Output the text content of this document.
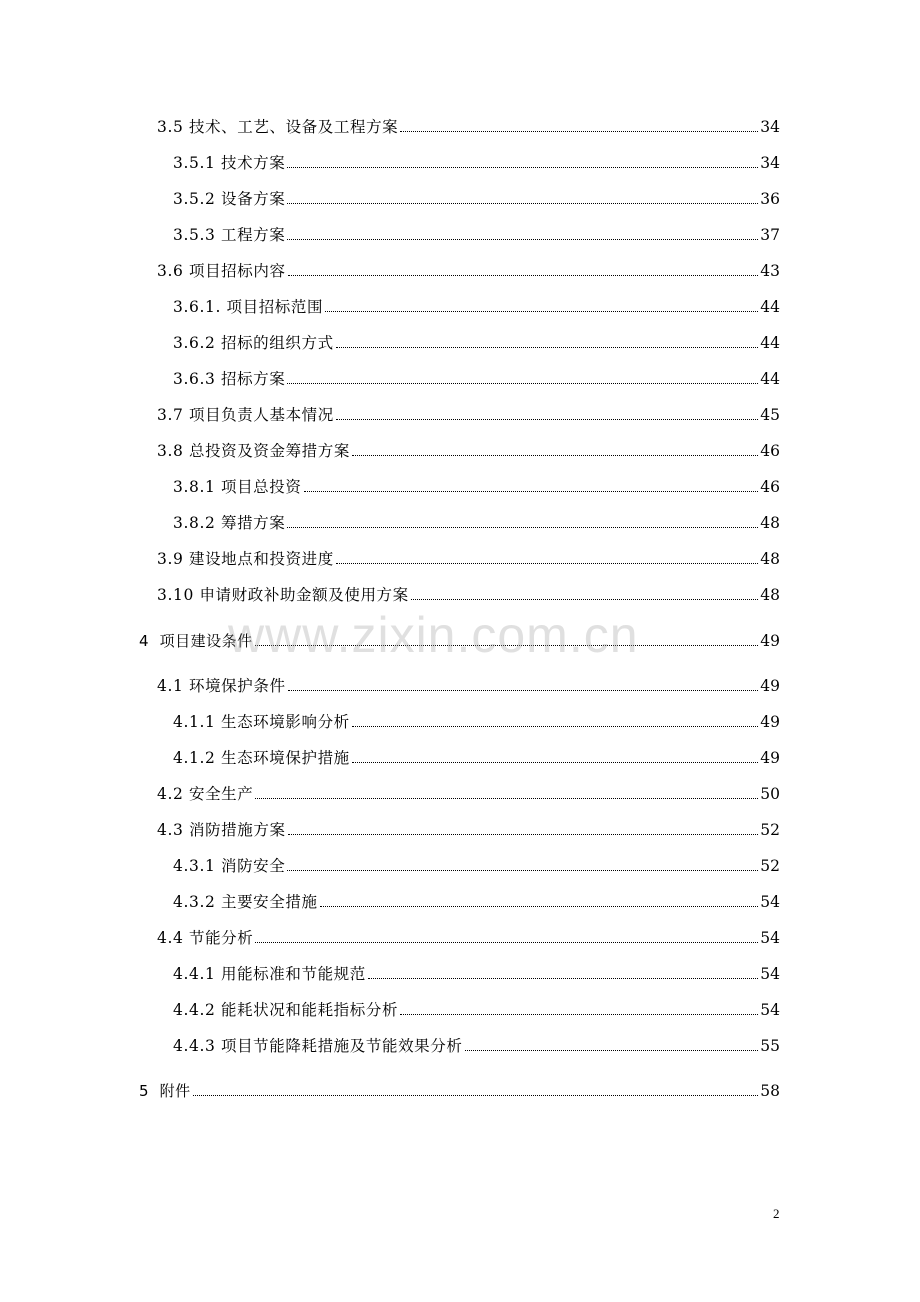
3.5 技术、工艺、设备及工程方案	34
3.5.1 技术方案	34
3.5.2 设备方案	36
3.5.3 工程方案	37
3.6 项目招标内容	43
3.6.1. 项目招标范围	44
3.6.2 招标的组织方式	44
3.6.3 招标方案	44
3.7 项目负责人基本情况	45
3.8 总投资及资金筹措方案	46
3.8.1 项目总投资	46
3.8.2 筹措方案	48
3.9 建设地点和投资进度	48
3.10 申请财政补助金额及使用方案	48
4 项目建设条件	49
4.1 环境保护条件	49
4.1.1 生态环境影响分析	49
4.1.2 生态环境保护措施	49
4.2 安全生产	50
4.3 消防措施方案	52
4.3.1 消防安全	52
4.3.2 主要安全措施	54
4.4 节能分析	54
4.4.1 用能标准和节能规范	54
4.4.2 能耗状况和能耗指标分析	54
4.4.3 项目节能降耗措施及节能效果分析	55
5 附件	58
www.zixin.com.cn
2
